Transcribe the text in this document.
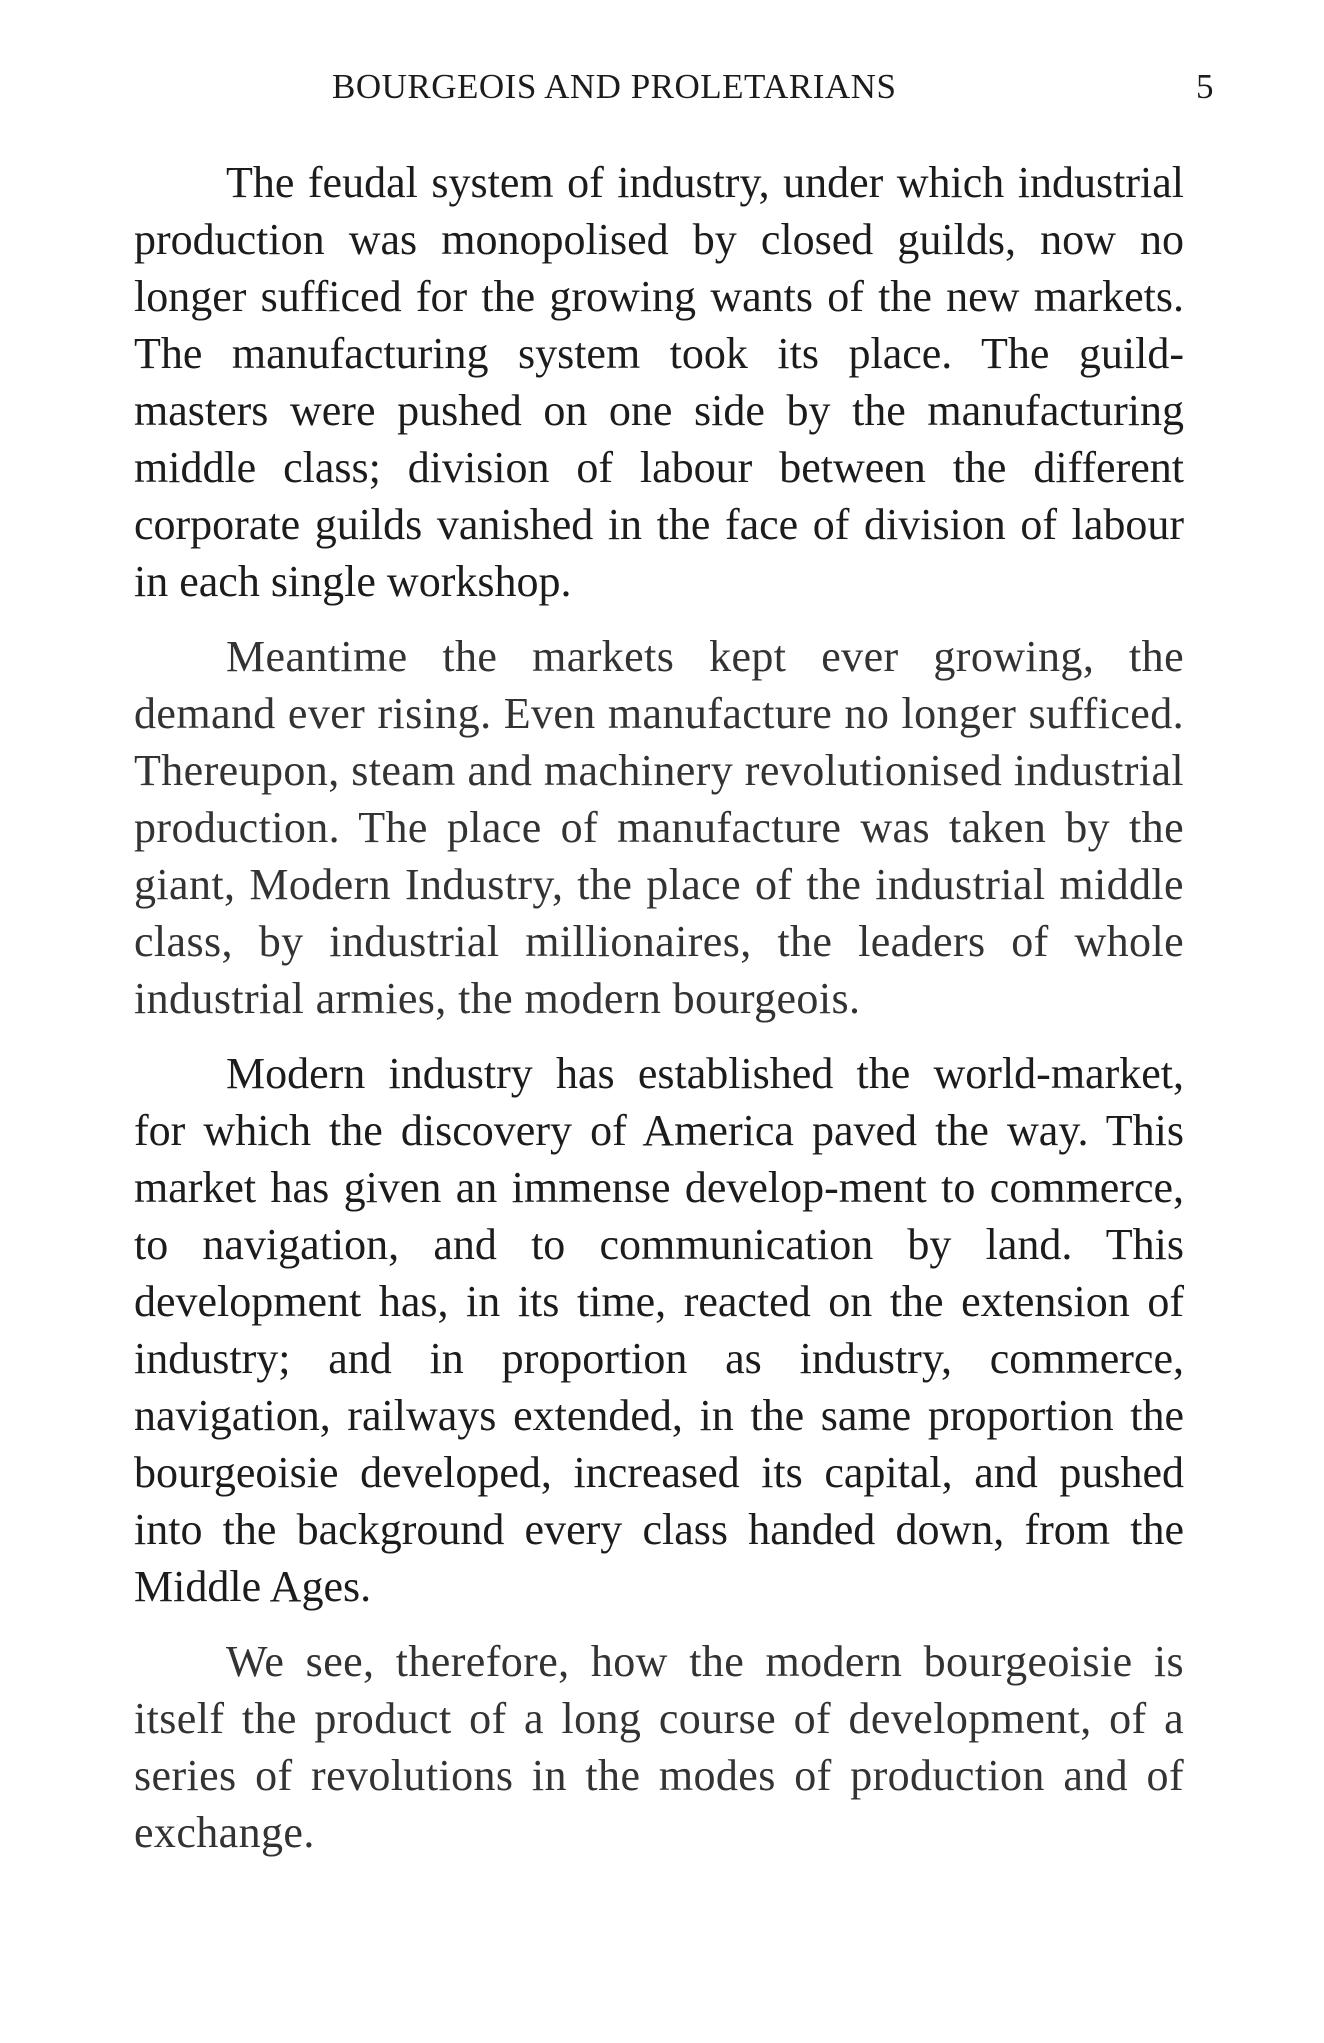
BOURGEOIS AND PROLETARIANS	5

The feudal system of industry, under which industrial production was monopolised by closed guilds, now no longer sufficed for the growing wants of the new markets. The manufacturing system took its place. The guild-masters were pushed on one side by the manufacturing middle class; division of labour between the different corporate guilds vanished in the face of division of labour in each single workshop.

Meantime the markets kept ever growing, the demand ever rising. Even manufacture no longer sufficed. Thereupon, steam and machinery revolutionised industrial production. The place of manufacture was taken by the giant, Modern Industry, the place of the industrial middle class, by industrial millionaires, the leaders of whole industrial armies, the modern bourgeois.

Modern industry has established the world-market, for which the discovery of America paved the way. This market has given an immense develop-ment to commerce, to navigation, and to communication by land. This development has, in its time, reacted on the extension of industry; and in proportion as industry, commerce, navigation, railways extended, in the same proportion the bourgeoisie developed, increased its capital, and pushed into the background every class handed down, from the Middle Ages.

We see, therefore, how the modern bourgeoisie is itself the product of a long course of development, of a series of revolutions in the modes of production and of exchange.
